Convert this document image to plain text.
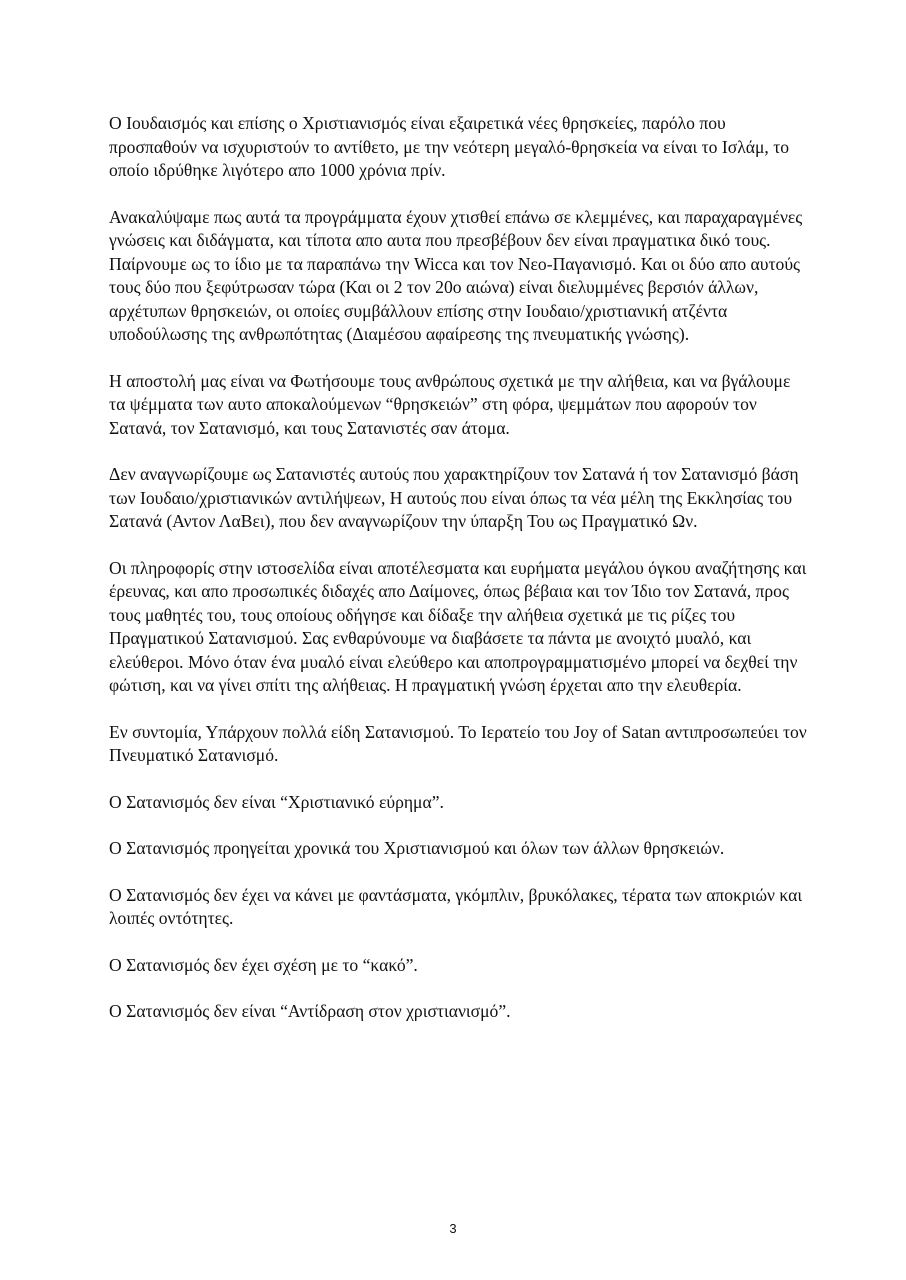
Ο Ιουδαισμός και επίσης ο Χριστιανισμός είναι εξαιρετικά νέες θρησκείες, παρόλο που προσπαθούν να ισχυριστούν το αντίθετο, με την νεότερη μεγαλό-θρησκεία να είναι το Ισλάμ, το οποίο ιδρύθηκε λιγότερο απο 1000 χρόνια πρίν.

Ανακαλύψαμε πως αυτά τα προγράμματα έχουν χτισθεί επάνω σε κλεμμένες, και παραχαραγμένες γνώσεις και διδάγματα, και τίποτα απο αυτα που πρεσβέβουν δεν είναι πραγματικα δικό τους.

Παίρνουμε ως το ίδιο με τα παραπάνω την Wicca και τον Νεο-Παγανισμό. Και οι δύο απο αυτούς τους δύο που ξεφύτρωσαν τώρα (Και οι 2 τον 20ο αιώνα) είναι διελυμμένες βερσιόν άλλων, αρχέτυπων θρησκειών, οι οποίες συμβάλλουν επίσης στην Ιουδαιο/χριστιανική ατζέντα υποδούλωσης της ανθρωπότητας (Διαμέσου αφαίρεσης της πνευματικής γνώσης).

Η αποστολή μας είναι να Φωτήσουμε τους ανθρώπους σχετικά με την αλήθεια, και να βγάλουμε τα ψέμματα των αυτο αποκαλούμενων “θρησκειών” στη φόρα, ψεμμάτων που αφορούν τον Σατανά, τον Σατανισμό, και τους Σατανιστές σαν άτομα.

Δεν αναγνωρίζουμε ως Σατανιστές αυτούς που χαρακτηρίζουν τον Σατανά ή τον Σατανισμό βάση των Ιουδαιο/χριστιανικών αντιλήψεων, Η αυτούς που είναι όπως τα νέα μέλη της Εκκλησίας του Σατανά (Αντον ΛαΒει), που δεν αναγνωρίζουν την ύπαρξη Του ως Πραγματικό Ων.

Οι πληροφορίς στην ιστοσελίδα είναι αποτέλεσματα και ευρήματα μεγάλου όγκου αναζήτησης και έρευνας, και απο προσωπικές διδαχές απο Δαίμονες, όπως βέβαια και τον Ίδιο τον Σατανά, προς τους μαθητές του, τους οποίους οδήγησε και δίδαξε την αλήθεια σχετικά με τις ρίζες του Πραγματικού Σατανισμού. Σας ενθαρύνουμε να διαβάσετε τα πάντα με ανοιχτό μυαλό, και ελεύθεροι. Μόνο όταν ένα μυαλό είναι ελεύθερο και αποπρογραμματισμένο μπορεί να δεχθεί την φώτιση, και να γίνει σπίτι της αλήθειας. Η πραγματική γνώση έρχεται απο την ελευθερία.

Εν συντομία, Υπάρχουν πολλά είδη Σατανισμού. Το Ιερατείο του Joy of Satan αντιπροσωπεύει τον Πνευματικό Σατανισμό.

Ο Σατανισμός δεν είναι “Χριστιανικό εύρημα”.

Ο Σατανισμός προηγείται χρονικά του Χριστιανισμού και όλων των άλλων θρησκειών.

Ο Σατανισμός δεν έχει να κάνει με φαντάσματα, γκόμπλιν, βρυκόλακες, τέρατα των αποκριών και λοιπές οντότητες.

Ο Σατανισμός δεν έχει σχέση με το “κακό”.

Ο Σατανισμός δεν είναι “Αντίδραση στον χριστιανισμό”.

3
